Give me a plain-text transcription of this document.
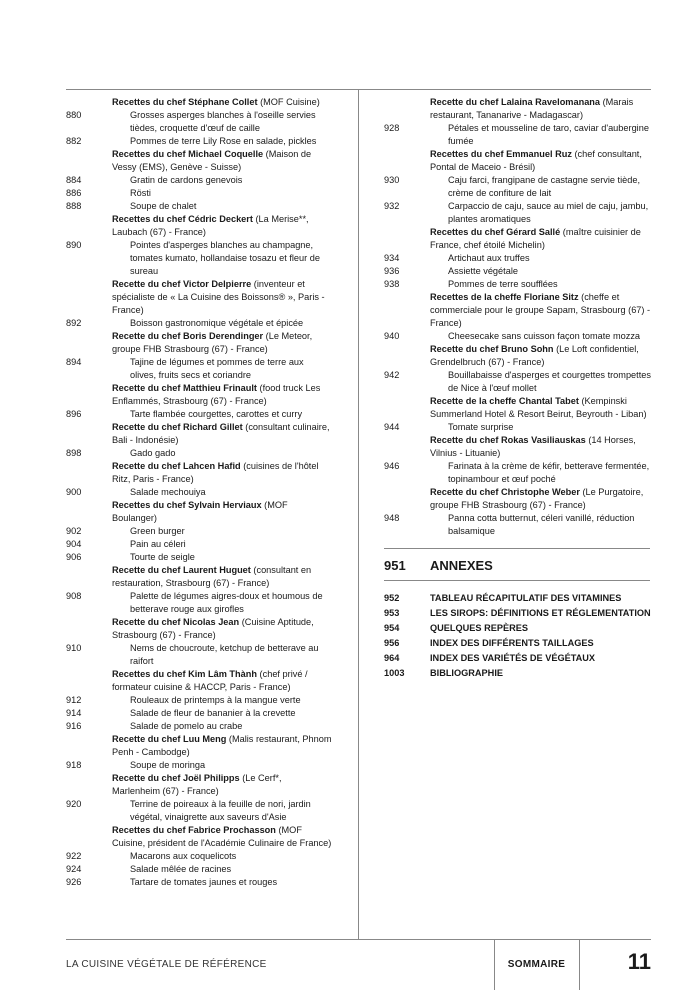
Recettes du chef Stéphane Collet (MOF Cuisine)
880	Grosses asperges blanches à l'oseille servies tièdes, croquette d'œuf de caille
882	Pommes de terre Lily Rose en salade, pickles
Recettes du chef Michael Coquelle (Maison de Vessy (EMS), Genève - Suisse)
884	Gratin de cardons genevois
886	Rösti
888	Soupe de chalet
Recettes du chef Cédric Deckert (La Merise**, Laubach (67) - France)
890	Pointes d'asperges blanches au champagne, tomates kumato, hollandaise tosazu et fleur de sureau
Recette du chef Victor Delpierre (inventeur et spécialiste de « La Cuisine des Boissons® », Paris - France)
892	Boisson gastronomique végétale et épicée
Recette du chef Boris Derendinger (Le Meteor, groupe FHB Strasbourg (67) - France)
894	Tajine de légumes et pommes de terre aux olives, fruits secs et coriandre
Recette du chef Matthieu Frinault (food truck Les Enflammés, Strasbourg (67) - France)
896	Tarte flambée courgettes, carottes et curry
Recette du chef Richard Gillet (consultant culinaire, Bali - Indonésie)
898	Gado gado
Recette du chef Lahcen Hafid (cuisines de l'hôtel Ritz, Paris - France)
900	Salade mechouiya
Recettes du chef Sylvain Herviaux (MOF Boulanger)
902	Green burger
904	Pain au céleri
906	Tourte de seigle
Recette du chef Laurent Huguet (consultant en restauration, Strasbourg (67) - France)
908	Palette de légumes aigres-doux et houmous de betterave rouge aux girofles
Recette du chef Nicolas Jean (Cuisine Aptitude, Strasbourg (67) - France)
910	Nems de choucroute, ketchup de betterave au raifort
Recettes du chef Kim Lâm Thành (chef privé / formateur cuisine & HACCP, Paris - France)
912	Rouleaux de printemps à la mangue verte
914	Salade de fleur de bananier à la crevette
916	Salade de pomelo au crabe
Recette du chef Luu Meng (Malis restaurant, Phnom Penh - Cambodge)
918	Soupe de moringa
Recette du chef Joël Philipps (Le Cerf*, Marlenheim (67) - France)
920	Terrine de poireaux à la feuille de nori, jardin végétal, vinaigrette aux saveurs d'Asie
Recettes du chef Fabrice Prochasson (MOF Cuisine, président de l'Académie Culinaire de France)
922	Macarons aux coquelicots
924	Salade mêlée de racines
926	Tartare de tomates jaunes et rouges
Recette du chef Lalaina Ravelomanana (Marais restaurant, Tananarive - Madagascar)
928	Pétales et mousseline de taro, caviar d'aubergine fumée
Recettes du chef Emmanuel Ruz (chef consultant, Pontal de Maceio - Brésil)
930	Caju farci, frangipane de castagne servie tiède, crème de confiture de lait
932	Carpaccio de caju, sauce au miel de caju, jambu, plantes aromatiques
Recettes du chef Gérard Sallé (maître cuisinier de France, chef étoilé Michelin)
934	Artichaut aux truffes
936	Assiette végétale
938	Pommes de terre soufflées
Recettes de la cheffe Floriane Sitz (cheffe et commerciale pour le groupe Sapam, Strasbourg (67) - France)
940	Cheesecake sans cuisson façon tomate mozza
Recette du chef Bruno Sohn (Le Loft confidentiel, Grendelbruch (67) - France)
942	Bouillabaisse d'asperges et courgettes trompettes de Nice à l'œuf mollet
Recette de la cheffe Chantal Tabet (Kempinski Summerland Hotel & Resort Beirut, Beyrouth - Liban)
944	Tomate surprise
Recette du chef Rokas Vasiliauskas (14 Horses, Vilnius - Lituanie)
946	Farinata à la crème de kéfir, betterave fermentée, topinambour et œuf poché
Recette du chef Christophe Weber (Le Purgatoire, groupe FHB Strasbourg (67) - France)
948	Panna cotta butternut, céleri vanillé, réduction balsamique
951	ANNEXES
952	TABLEAU RÉCAPITULATIF DES VITAMINES
953	LES SIROPS: DÉFINITIONS ET RÉGLEMENTATION
954	QUELQUES REPÈRES
956	INDEX DES DIFFÉRENTS TAILLAGES
964	INDEX DES VARIÉTÉS DE VÉGÉTAUX
1003	BIBLIOGRAPHIE
LA CUISINE VÉGÉTALE DE RÉFÉRENCE	SOMMAIRE	11
